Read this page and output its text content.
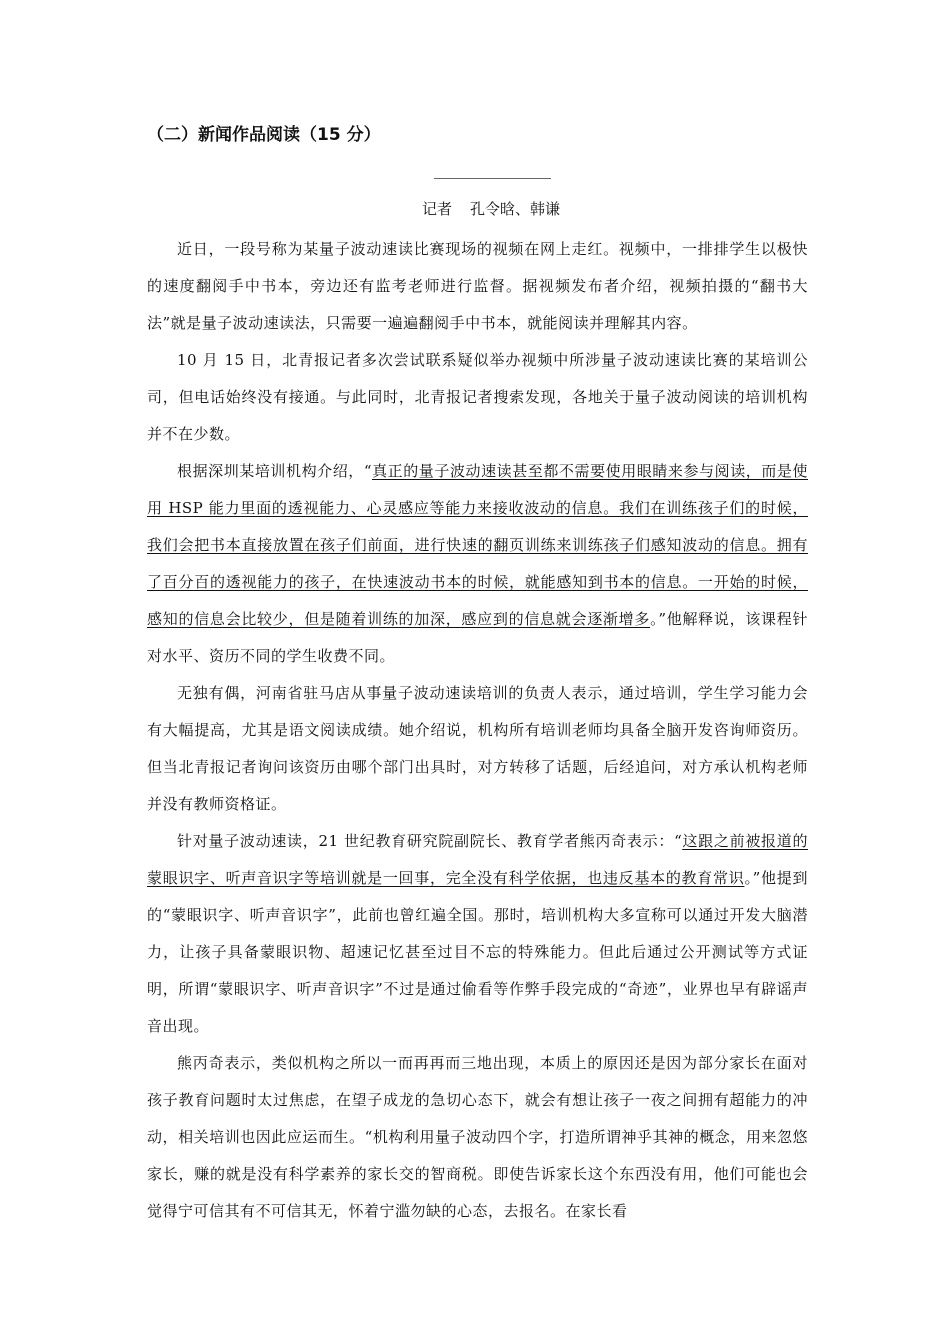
（二）新闻作品阅读（15 分）
记者 孔令晗、韩谦

近日，一段号称为某量子波动速读比赛现场的视频在网上走红。视频中，一排排学生以极快的速度翻阅手中书本，旁边还有监考老师进行监督。据视频发布者介绍，视频拍摄的“翻书大法”就是量子波动速读法，只需要一遍遍翻阅手中书本，就能阅读并理解其内容。

10 月 15 日，北青报记者多次尝试联系疑似举办视频中所涉量子波动速读比赛的某培训公司，但电话始终没有接通。与此同时，北青报记者搜索发现，各地关于量子波动阅读的培训机构并不在少数。

根据深圳某培训机构介绍，“真正的量子波动速读甚至都不需要使用眼睛来参与阅读，而是使用 HSP 能力里面的透视能力、心灵感应等能力来接收波动的信息。我们在训练孩子们的时候，我们会把书本直接放置在孩子们前面，进行快速的翻页训练来训练孩子们感知波动的信息。拥有了百分百的透视能力的孩子，在快速波动书本的时候，就能感知到书本的信息。一开始的时候，感知的信息会比较少，但是随着训练的加深，感应到的信息就会逐渐增多。”他解释说，该课程针对水平、资历不同的学生收费不同。

无独有偶，河南省驻马店从事量子波动速读培训的负责人表示，通过培训，学生学习能力会有大幅提高，尤其是语文阅读成绩。她介绍说，机构所有培训老师均具备全脑开发咨询师资历。但当北青报记者询问该资历由哪个部门出具时，对方转移了话题，后经追问，对方承认机构老师并没有教师资格证。

针对量子波动速读，21 世纪教育研究院副院长、教育学者熊丙奇表示：“这跟之前被报道的蒙眼识字、听声音识字等培训就是一回事，完全没有科学依据，也违反基本的教育常识。”他提到的“蒙眼识字、听声音识字”，此前也曾红遍全国。那时，培训机构大多宣称可以通过开发大脑潜力，让孩子具备蒙眼识物、超速记忆甚至过目不忘的特殊能力。但此后通过公开测试等方式证明，所谓“蒙眼识字、听声音识字”不过是通过偷看等作弊手段完成的“奇迹”，业界也早有辟谣声音出现。

熊丙奇表示，类似机构之所以一而再再而三地出现，本质上的原因还是因为部分家长在面对孩子教育问题时太过焦虑，在望子成龙的急切心态下，就会有想让孩子一夜之间拥有超能力的冲动，相关培训也因此应运而生。“机构利用量子波动四个字，打造所谓神乎其神的概念，用来忽悠家长，赚的就是没有科学素养的家长交的智商税。即使告诉家长这个东西没有用，他们可能也会觉得宁可信其有不可信其无，怀着宁滥勿缺的心态，去报名。在家长看
